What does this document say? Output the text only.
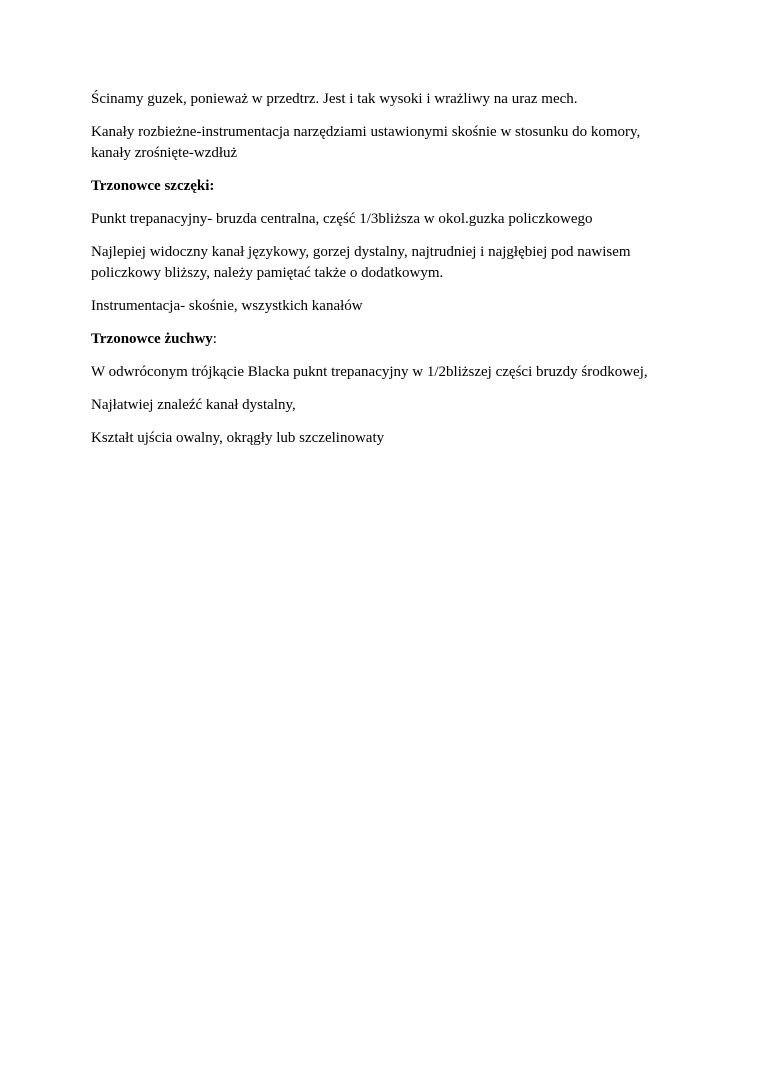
Ścinamy guzek, ponieważ w przedtrz. Jest i tak wysoki i wrażliwy na uraz mech.

Kanały rozbieżne-instrumentacja narzędziami ustawionymi skośnie w stosunku do komory,
kanały zrośnięte-wzdłuż

Trzonowce szczęki:

Punkt trepanacyjny- bruzda centralna, część 1/3bliższa w okol.guzka policzkowego

Najlepiej widoczny kanał językowy, gorzej dystalny, najtrudniej i najgłębiej pod nawisem
policzkowy bliższy, należy pamiętać także o dodatkowym.

Instrumentacja- skośnie, wszystkich kanałów

Trzonowce żuchwy:

W odwróconym trójkącie Blacka puknt trepanacyjny w 1/2bliższej części bruzdy środkowej,

Najłatwiej znaleźć kanał dystalny,

Kształt ujścia owalny, okrągły lub szczelinowaty
